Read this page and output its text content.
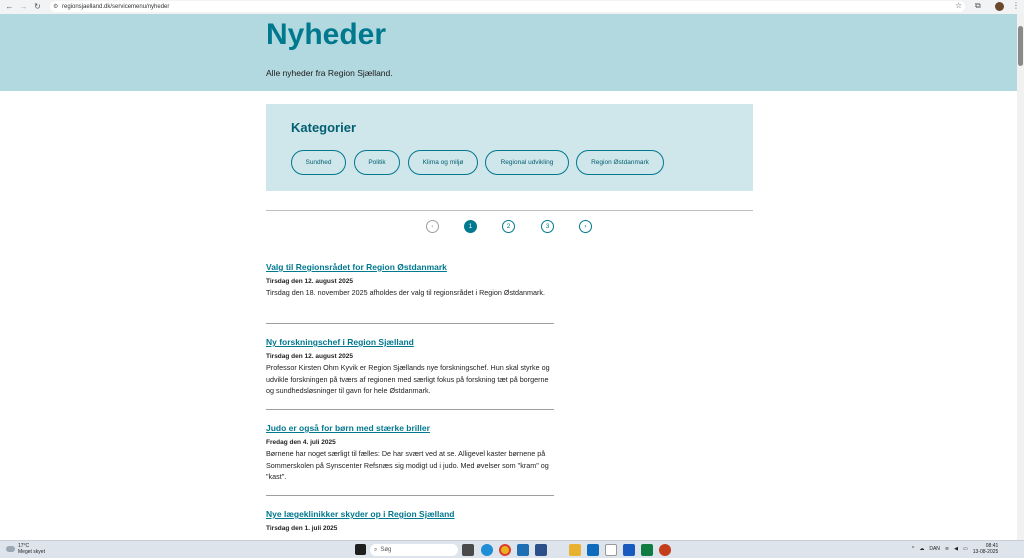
← → ↻	⚙ regionsjaelland.dk/servicemenu/nyheder	☆ ⧉	⋮
Nyheder

Alle nyheder fra Region Sjælland.

Kategorier
Sundhed	Politik	Klima og miljø	Regional udvikling	Region Østdanmark
‹	1	2	3	›
Valg til Regionsrådet for Region Østdanmark
Tirsdag den 12. august 2025
Tirsdag den 18. november 2025 afholdes der valg til regionsrådet i Region Østdanmark.
Ny forskningschef i Region Sjælland
Tirsdag den 12. august 2025
Professor Kirsten Ohm Kyvik er Region Sjællands nye forskningschef. Hun skal styrke og udvikle forskningen på tværs af regionen med særligt fokus på forskning tæt på borgerne og sundhedsløsninger til gavn for hele Østdanmark.
Judo er også for børn med stærke briller
Fredag den 4. juli 2025
Børnene har noget særligt til fælles: De har svært ved at se. Alligevel kaster børnene på Sommerskolen på Synscenter Refsnæs sig modigt ud i judo. Med øvelser som "kram" og "kast".
Nye lægeklinikker skyder op i Region Sjælland
Tirsdag den 1. juli 2025
17°C
Meget skyet	⌕ Søg	^ ☁ DAN ≋ ◀ ▭	08:41
13-08-2025
